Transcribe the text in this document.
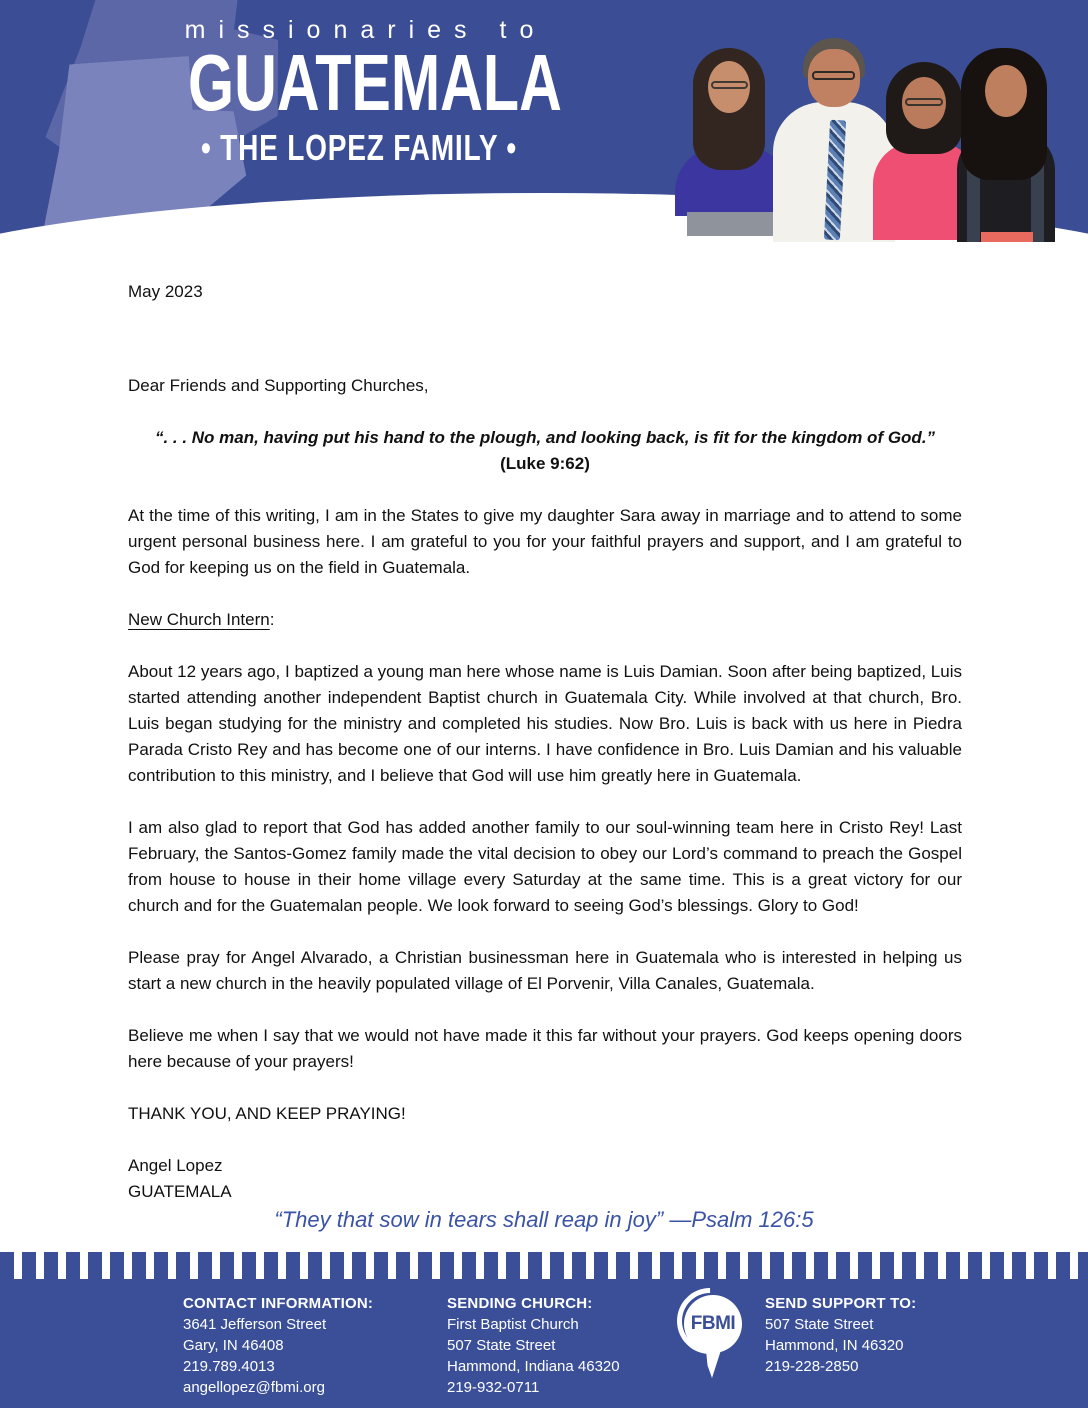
missionaries to
GUATEMALA
• THE LOPEZ FAMILY •

May 2023

Dear Friends and Supporting Churches,

“. . . No man, having put his hand to the plough, and looking back, is fit for the kingdom of God.”
(Luke 9:62)

At the time of this writing, I am in the States to give my daughter Sara away in marriage and to attend to some urgent personal business here. I am grateful to you for your faithful prayers and support, and I am grateful to God for keeping us on the field in Guatemala.

New Church Intern:

About 12 years ago, I baptized a young man here whose name is Luis Damian. Soon after being baptized, Luis started attending another independent Baptist church in Guatemala City. While involved at that church, Bro. Luis began studying for the ministry and completed his studies. Now Bro. Luis is back with us here in Piedra Parada Cristo Rey and has become one of our interns. I have confidence in Bro. Luis Damian and his valuable contribution to this ministry, and I believe that God will use him greatly here in Guatemala.

I am also glad to report that God has added another family to our soul-winning team here in Cristo Rey! Last February, the Santos-Gomez family made the vital decision to obey our Lord’s command to preach the Gospel from house to house in their home village every Saturday at the same time. This is a great victory for our church and for the Guatemalan people. We look forward to seeing God’s blessings. Glory to God!

Please pray for Angel Alvarado, a Christian businessman here in Guatemala who is interested in helping us start a new church in the heavily populated village of El Porvenir, Villa Canales, Guatemala.

Believe me when I say that we would not have made it this far without your prayers. God keeps opening doors here because of your prayers!

THANK YOU, AND KEEP PRAYING!

Angel Lopez

GUATEMALA

“They that sow in tears shall reap in joy” —Psalm 126:5
CONTACT INFORMATION:
3641 Jefferson Street
Gary, IN 46408
219.789.4013
angellopez@fbmi.org
SENDING CHURCH:
First Baptist Church
507 State Street
Hammond, Indiana 46320
219-932-0711
FBMI
SEND SUPPORT TO:
507 State Street
Hammond, IN 46320
219-228-2850
